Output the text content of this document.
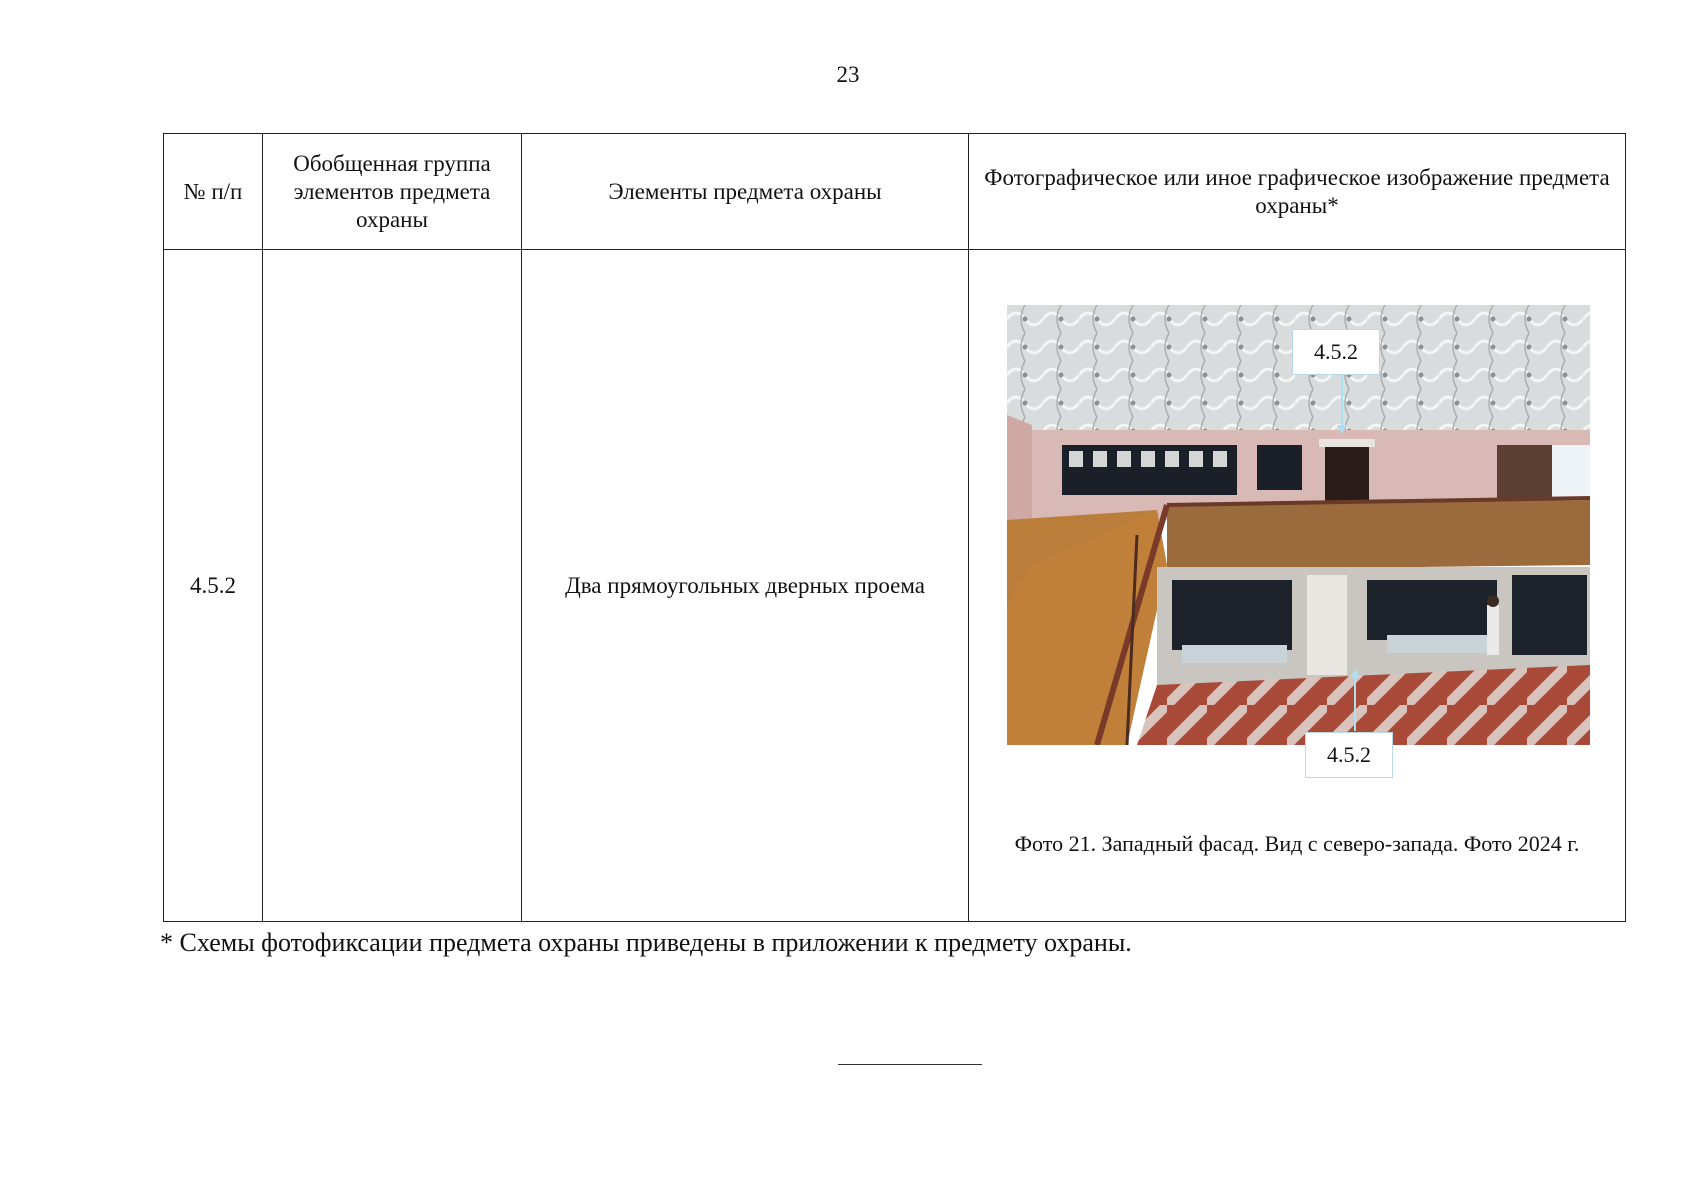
23
№ п/п	Обобщенная группа элементов предмета охраны	Элементы предмета охраны	Фотографическое или иное графическое изображение предмета охраны*
4.5.2		Два прямоугольных дверных проема	4.5.2
4.5.2
Фото 21. Западный фасад. Вид с северо-запада. Фото 2024 г.
* Схемы фотофиксации предмета охраны приведены в приложении к предмету охраны.
